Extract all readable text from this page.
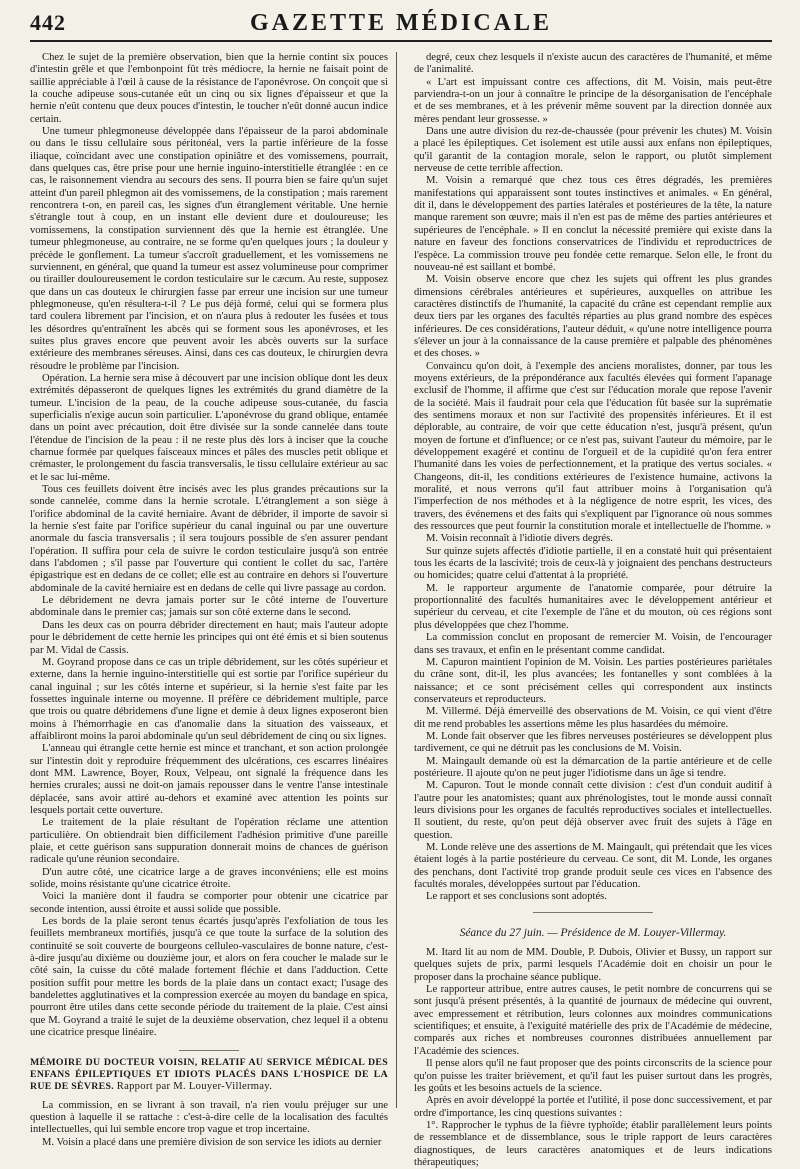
442	GAZETTE MÉDICALE

Chez le sujet de la première observation, bien que la hernie contint six pouces d'intestin grêle et que l'embonpoint fût très médiocre, la hernie ne faisait point de saillie appréciable à l'œil à cause de la résistance de l'aponévrose. On conçoit que si la couche adipeuse sous-cutanée eût un cinq ou six lignes d'épaisseur et que la hernie n'eût contenu que deux pouces d'intestin, le toucher n'eût donné aucun indice certain.

Une tumeur phlegmoneuse développée dans l'épaisseur de la paroi abdominale ou dans le tissu cellulaire sous péritonéal, vers la partie inférieure de la fosse iliaque, coïncidant avec une constipation opiniâtre et des vomissemens, pourrait, dans quelques cas, être prise pour une hernie inguino-interstitielle étranglée : en ce cas, le raisonnement viendra au secours des sens. Il pourra bien se faire qu'un sujet atteint d'un pareil phlegmon ait des vomissemens, de la constipation ; mais rarement rencontrera t-on, en pareil cas, les signes d'un étranglement véritable. Une hernie s'étrangle tout à coup, en un instant elle devient dure et douloureuse; les vomissemens, la constipation surviennent dès que la hernie est étranglée. Une tumeur phlegmoneuse, au contraire, ne se forme qu'en quelques jours ; la douleur y précède le gonflement. La tumeur s'accroît graduellement, et les vomissemens ne surviennent, en général, que quand la tumeur est assez volumineuse pour comprimer ou tirailler douloureusement le cordon testiculaire sur le cæcum. Au reste, supposez que dans un cas douteux le chirurgien fasse par erreur une incision sur une tumeur phlegmoneuse, qu'en résultera-t-il ? Le pus déjà formé, celui qui se formera plus tard coulera librement par l'incision, et on n'aura plus à redouter les fusées et tous les désordres qu'entraînent les abcès qui se forment sous les aponévroses, et les suites plus graves encore que peuvent avoir les abcès ouverts sur la surface extérieure des membranes séreuses. Ainsi, dans ces cas douteux, le chirurgien devra résoudre le problème par l'incision.

Opération. La hernie sera mise à découvert par une incision oblique dont les deux extrémités dépasseront de quelques lignes les extrémités du grand diamètre de la tumeur. L'incision de la peau, de la couche adipeuse sous-cutanée, du fascia superficialis n'exige aucun soin particulier. L'aponévrose du grand oblique, entamée dans un point avec précaution, doit être divisée sur la sonde cannelée dans toute l'étendue de l'incision de la peau : il ne reste plus dès lors à inciser que la couche charnue formée par quelques faisceaux minces et pâles des muscles petit oblique et crémaster, le prolongement du fascia transversalis, le tissu cellulaire extérieur au sac et le sac lui-même.

Tous ces feuillets doivent être incisés avec les plus grandes précautions sur la sonde cannelée, comme dans la hernie scrotale. L'étranglement a son siège à l'orifice abdominal de la cavité herniaire. Avant de débrider, il importe de savoir si la hernie s'est faite par l'orifice supérieur du canal inguinal ou par une ouverture anormale du fascia transversalis ; il sera toujours possible de s'en assurer pendant l'opération. Il suffira pour cela de suivre le cordon testiculaire jusqu'à son entrée dans l'abdomen ; s'il passe par l'ouverture qui contient le collet du sac, l'artère épigastrique est en dedans de ce collet; elle est au contraire en dehors si l'ouverture abdominale de la cavité herniaire est en dedans de celle qui livre passage au cordon.

Le débridement ne devra jamais porter sur le côté interne de l'ouverture abdominale dans le premier cas; jamais sur son côté externe dans le second.

Dans les deux cas on pourra débrider directement en haut; mais l'auteur adopte pour le débridement de cette hernie les principes qui ont été émis et si bien soutenus par M. Vidal de Cassis.

M. Goyrand propose dans ce cas un triple débridement, sur les côtés supérieur et externe, dans la hernie inguino-interstitielle qui est sortie par l'orifice supérieur du canal inguinal ; sur les côtés interne et supérieur, si la hernie s'est faite par les fossettes inguinale interne ou moyenne. Il préfère ce débridement multiple, parce que trois ou quatre débridemens d'une ligne et demie à deux lignes exposeront bien moins à l'hémorrhagie en cas d'anomalie dans la situation des vaisseaux, et affaibliront moins la paroi abdominale qu'un seul débridement de cinq ou six lignes.

L'anneau qui étrangle cette hernie est mince et tranchant, et son action prolongée sur l'intestin doit y reproduire fréquemment des ulcérations, ces escarres linéaires dont MM. Lawrence, Boyer, Roux, Velpeau, ont signalé la fréquence dans les hernies crurales; aussi ne doit-on jamais repousser dans le ventre l'anse intestinale déplacée, sans avoir attiré au-dehors et examiné avec attention les points sur lesquels portait cette ouverture.

Le traitement de la plaie résultant de l'opération réclame une attention particulière. On obtiendrait bien difficilement l'adhésion primitive d'une pareille plaie, et cette guérison sans suppuration donnerait moins de chances de guérison radicale qu'une réunion secondaire.

D'un autre côté, une cicatrice large a de graves inconvéniens; elle est moins solide, moins résistante qu'une cicatrice étroite.

Voici la manière dont il faudra se comporter pour obtenir une cicatrice par seconde intention, aussi étroite et aussi solide que possible.

Les bords de la plaie seront tenus écartés jusqu'après l'exfoliation de tous les feuillets membraneux mortifiés, jusqu'à ce que toute la surface de la solution des continuité se soit couverte de bourgeons celluleo-vasculaires de bonne nature, c'est-à-dire jusqu'au dixième ou douzième jour, et alors on fera coucher le malade sur le côté sain, la cuisse du côté malade fortement fléchie et dans l'adduction. Cette position suffit pour mettre les bords de la plaie dans un contact exact; l'usage des bandelettes agglutinatives et la compression exercée au moyen du bandage en spica, pourront être utiles dans cette seconde période du traitement de la plaie. C'est ainsi que M. Goyrand a traité le sujet de la deuxième observation, chez lequel il a obtenu une cicatrice presque linéaire.

MÉMOIRE DU DOCTEUR VOISIN, RELATIF AU SERVICE MÉDICAL DES ENFANS ÉPILEPTIQUES ET IDIOTS PLACÉS DANS L'HOSPICE DE LA RUE DE SÈVRES. Rapport par M. Louyer-Villermay.

La commission, en se livrant à son travail, n'a rien voulu préjuger sur une question à laquelle il se rattache : c'est-à-dire celle de la localisation des facultés intellectuelles, qui lui semble encore trop vague et trop incertaine.

M. Voisin a placé dans une première division de son service les idiots au dernier

degré, ceux chez lesquels il n'existe aucun des caractères de l'humanité, et même de l'animalité.

« L'art est impuissant contre ces affections, dit M. Voisin, mais peut-être parviendra-t-on un jour à connaître le principe de la désorganisation de l'encéphale et de ses membranes, et à les prévenir même souvent par la direction donnée aux mères pendant leur grossesse. »

Dans une autre division du rez-de-chaussée (pour prévenir les chutes) M. Voisin a placé les épileptiques. Cet isolement est utile aussi aux enfans non épileptiques, qu'il garantit de la contagion morale, selon le rapport, ou plutôt simplement nerveuse de cette terrible affection.

M. Voisin a remarqué que chez tous ces êtres dégradés, les premières manifestations qui apparaissent sont toutes instinctives et animales. « En général, dit il, dans le développement des parties latérales et postérieures de la tête, la nature manque rarement son œuvre; mais il n'en est pas de même des parties antérieures et supérieures de l'encéphale. » Il en conclut la nécessité première qui existe dans la nature en faveur des fonctions conservatrices de l'individu et reproductrices de l'espèce. La commission trouve peu fondée cette remarque. Selon elle, le front du nouveau-né est saillant et bombé.

M. Voisin observe encore que chez les sujets qui offrent les plus grandes dimensions cérébrales antérieures et supérieures, auxquelles on attribue les caractères distinctifs de l'humanité, la capacité du crâne est cependant remplie aux deux tiers par les organes des facultés réparties au plus grand nombre des espèces inférieures. De ces considérations, l'auteur déduit, « qu'une notre intelligence pourra s'élever un jour à la connaissance de la cause première et palpable des phénomènes et des choses. »

Convaincu qu'on doit, à l'exemple des anciens moralistes, donner, par tous les moyens extérieurs, de la prépondérance aux facultés élevées qui forment l'apanage exclusif de l'homme, il affirme que c'est sur l'éducation morale que repose l'avenir de la société. Mais il faudrait pour cela que l'éducation fût basée sur la suprématie des sentimens moraux et non sur l'activité des propensités inférieures. Et il est déplorable, au contraire, de voir que cette éducation n'est, jusqu'à présent, qu'un moyen de fortune et d'influence; or ce n'est pas, suivant l'auteur du mémoire, par le développement exagéré et continu de l'orgueil et de la cupidité qu'on fera entrer l'humanité dans les voies de perfectionnement, et la pratique des vertus sociales. « Changeons, dit-il, les conditions extérieures de l'existence humaine, activons la moralité, et nous verrons qu'il faut attribuer moins à l'organisation qu'à l'imperfection de nos méthodes et à la négligence de notre esprit, les vices, des travers, des événemens et des faits qui s'expliquent par l'ignorance où nous sommes des ressources que peut fournir la constitution morale et intellectuelle de l'homme. »

M. Voisin reconnaît à l'idiotie divers degrés.

Sur quinze sujets affectés d'idiotie partielle, il en a constaté huit qui présentaient tous les écarts de la lascivité; trois de ceux-là y joignaient des penchans destructeurs ou homicides; quatre celui d'attentat à la propriété.

M. le rapporteur argumente de l'anatomie comparée, pour détruire la proportionnalité des facultés humanitaires avec le développement antérieur et supérieur du cerveau, et cite l'exemple de l'âne et du mouton, où ces régions sont plus développées que chez l'homme.

La commission conclut en proposant de remercier M. Voisin, de l'encourager dans ses travaux, et enfin en le présentant comme candidat.

M. Capuron maintient l'opinion de M. Voisin. Les parties postérieures pariétales du crâne sont, dit-il, les plus avancées; les fontanelles y sont comblées à la naissance; et ce sont précisément celles qui correspondent aux instincts conservateurs et reproducteurs.

M. Villermé. Déjà émerveillé des observations de M. Voisin, ce qui vient d'être dit me rend probables les assertions même les plus hasardées du mémoire.

M. Londe fait observer que les fibres nerveuses postérieures se développent plus tardivement, ce qui ne détruit pas les conclusions de M. Voisin.

M. Maingault demande où est la démarcation de la partie antérieure et de celle postérieure. Il ajoute qu'on ne peut juger l'idiotisme dans un âge si tendre.

M. Capuron. Tout le monde connaît cette division : c'est d'un conduit auditif à l'autre pour les anatomistes; quant aux phrénologistes, tout le monde aussi connaît leurs divisions pour les organes de facultés reproductives sociales et intellectuelles. Il soutient, du reste, qu'on peut déjà observer avec fruit des sujets à l'âge en question.

M. Londe relève une des assertions de M. Maingault, qui prétendait que les vices étaient logés à la partie postérieure du cerveau. Ce sont, dit M. Londe, les organes des penchans, dont l'activité trop grande produit seule ces vices en l'absence des facultés morales, développées surtout par l'éducation.

Le rapport et ses conclusions sont adoptés.

Séance du 27 juin. — Présidence de M. Louyer-Villermay.

M. Itard lit au nom de MM. Double, P. Dubois, Olivier et Bussy, un rapport sur quelques sujets de prix, parmi lesquels l'Académie doit en choisir un pour le proposer dans la prochaine séance publique.

Le rapporteur attribue, entre autres causes, le petit nombre de concurrens qui se sont jusqu'à présent présentés, à la quantité de journaux de médecine qui ouvrent, avec empressement et rétribution, leurs colonnes aux moindres communications scientifiques; et ensuite, à l'exiguité matérielle des prix de l'Académie de médecine, comparés aux riches et nombreuses couronnes distribuées annuellement par l'Académie des sciences.

Il pense alors qu'il ne faut proposer que des points circonscrits de la science pour qu'on puisse les traiter brièvement, et qu'il faut les puiser surtout dans les progrès, les goûts et les besoins actuels de la science.

Après en avoir développé la portée et l'utilité, il pose donc successivement, et par ordre d'importance, les cinq questions suivantes :

1°. Rapprocher le typhus de la fièvre typhoïde; établir parallèlement leurs points de ressemblance et de dissemblance, sous le triple rapport de leurs caractères diagnostiques, de leurs caractères anatomiques et de leurs indications thérapeutiques;
